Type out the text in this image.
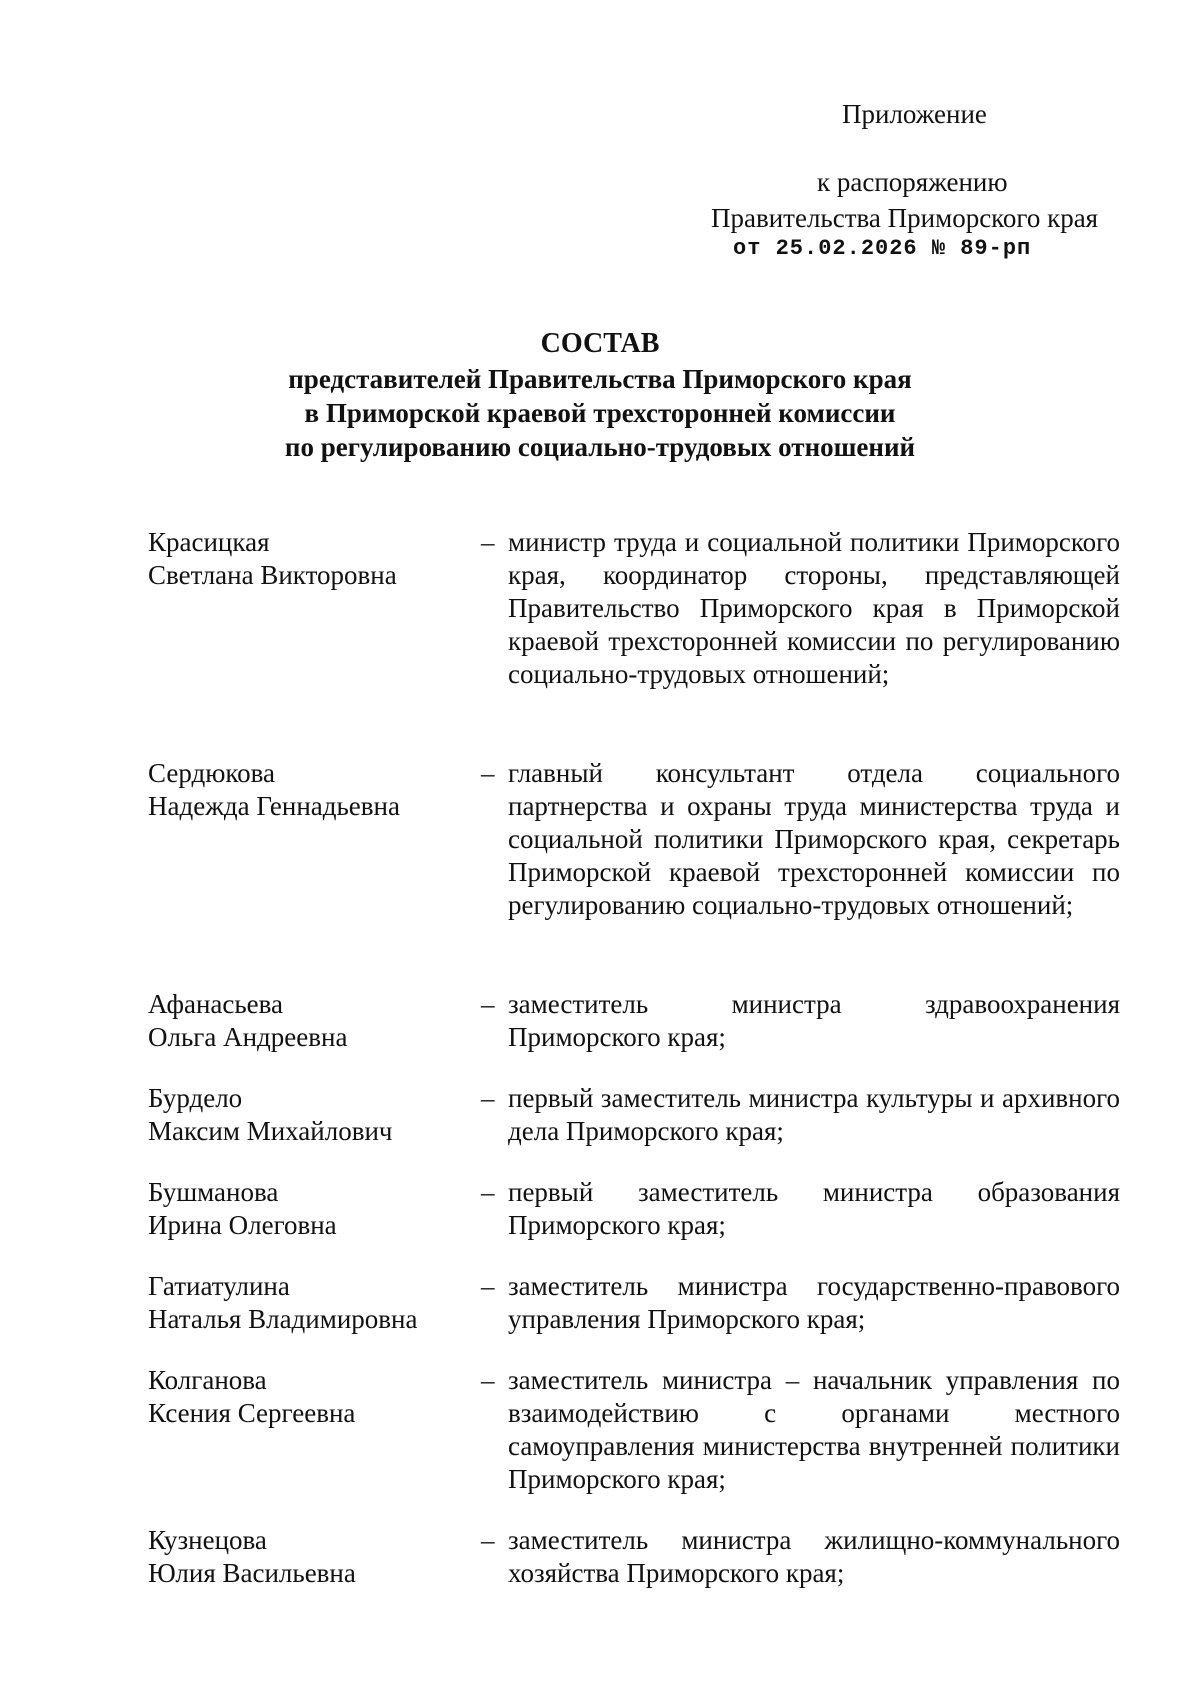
Приложение

к распоряжению
Правительства Приморского края

от 25.02.2026 № 89-рп

СОСТАВ
представителей Правительства Приморского края
в Приморской краевой трехсторонней комиссии
по регулированию социально-трудовых отношений
Красицкая
Светлана Викторовна
– министр труда и социальной политики Приморского края, координатор стороны, представляющей Правительство Приморского края в Приморской краевой трехсторонней комиссии по регулированию социально-трудовых отношений;
Сердюкова
Надежда Геннадьевна
– главный консультант отдела социального партнерства и охраны труда министерства труда и социальной политики Приморского края, секретарь Приморской краевой трехсторонней комиссии по регулированию социально-трудовых отношений;
Афанасьева
Ольга Андреевна
– заместитель министра здравоохранения Приморского края;
Бурдело
Максим Михайлович
– первый заместитель министра культуры и архивного дела Приморского края;
Бушманова
Ирина Олеговна
– первый заместитель министра образования Приморского края;
Гатиатулина
Наталья Владимировна
– заместитель министра государственно-правового управления Приморского края;
Колганова
Ксения Сергеевна
– заместитель министра – начальник управления по взаимодействию с органами местного самоуправления министерства внутренней политики Приморского края;
Кузнецова
Юлия Васильевна
– заместитель министра жилищно-коммунального хозяйства Приморского края;
